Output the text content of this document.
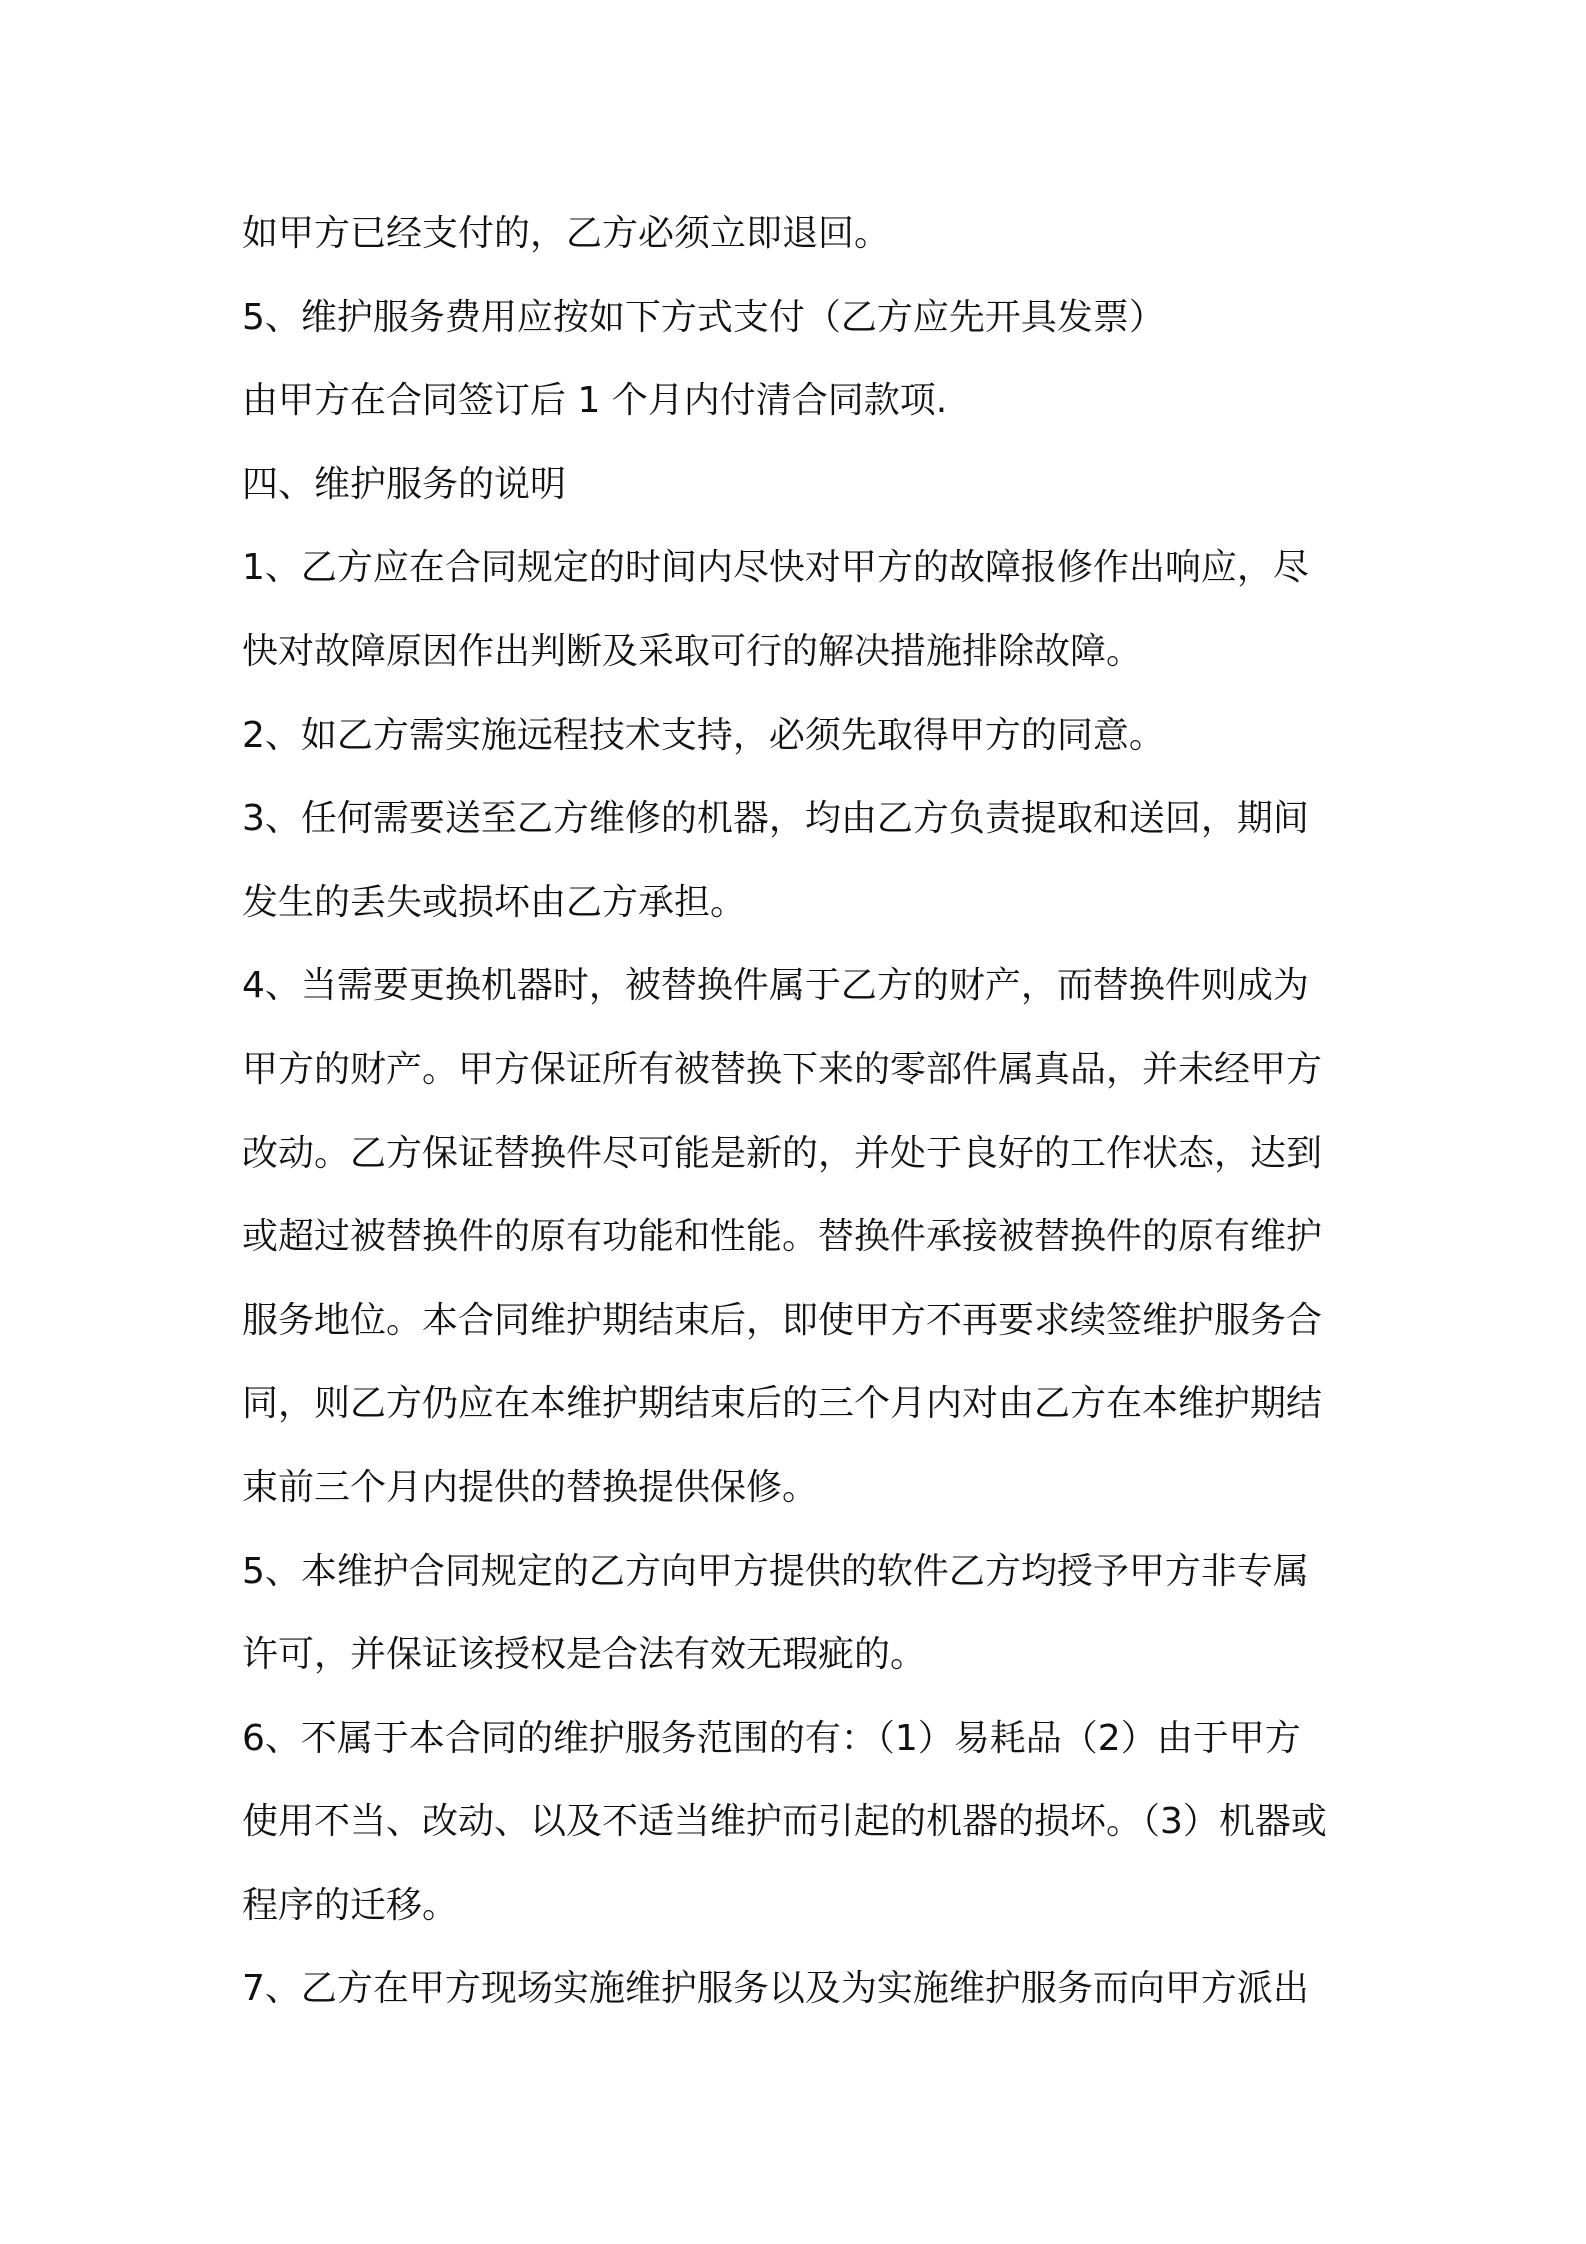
如甲方已经支付的，乙方必须立即退回。
5、维护服务费用应按如下方式支付（乙方应先开具发票）
由甲方在合同签订后 1 个月内付清合同款项.
四、维护服务的说明
1、乙方应在合同规定的时间内尽快对甲方的故障报修作出响应，尽
快对故障原因作出判断及采取可行的解决措施排除故障。
2、如乙方需实施远程技术支持，必须先取得甲方的同意。
3、任何需要送至乙方维修的机器，均由乙方负责提取和送回，期间
发生的丢失或损坏由乙方承担。
4、当需要更换机器时，被替换件属于乙方的财产，而替换件则成为
甲方的财产。甲方保证所有被替换下来的零部件属真品，并未经甲方
改动。乙方保证替换件尽可能是新的，并处于良好的工作状态，达到
或超过被替换件的原有功能和性能。替换件承接被替换件的原有维护
服务地位。本合同维护期结束后，即使甲方不再要求续签维护服务合
同，则乙方仍应在本维护期结束后的三个月内对由乙方在本维护期结
束前三个月内提供的替换提供保修。
5、本维护合同规定的乙方向甲方提供的软件乙方均授予甲方非专属
许可，并保证该授权是合法有效无瑕疵的。
6、不属于本合同的维护服务范围的有：（1）易耗品（2）由于甲方
使用不当、改动、以及不适当维护而引起的机器的损坏。（3）机器或
程序的迁移。
7、乙方在甲方现场实施维护服务以及为实施维护服务而向甲方派出
